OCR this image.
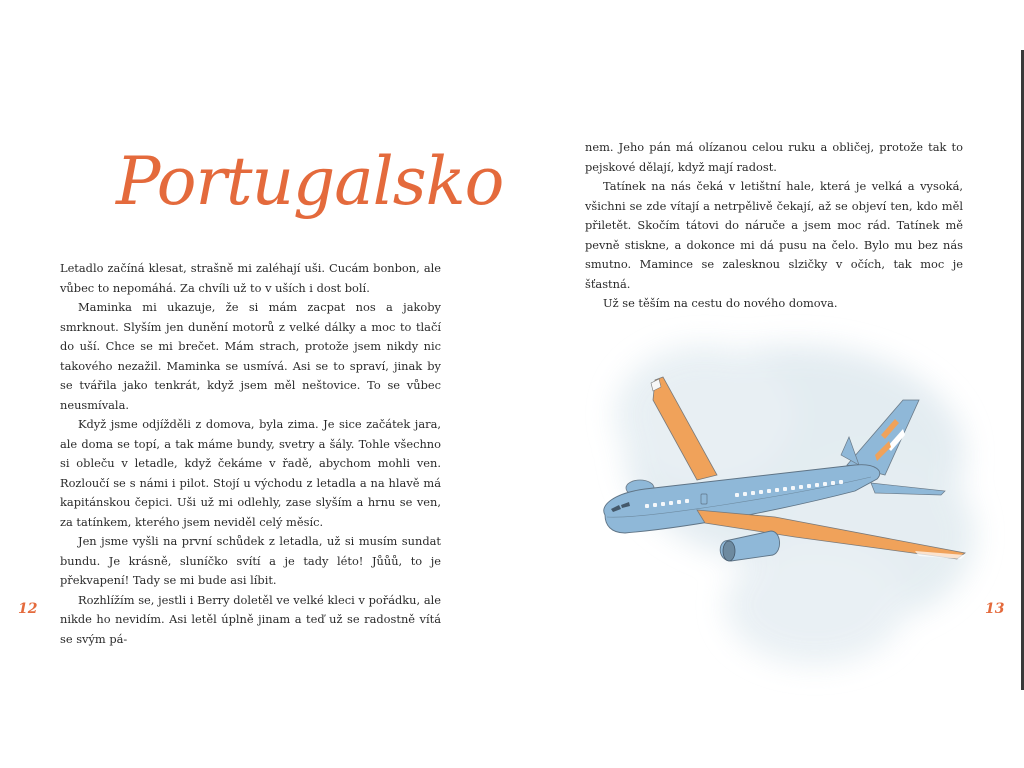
Portugalsko

Letadlo začíná klesat, strašně mi zaléhají uši. Cucám bonbon, ale vůbec to nepomáhá. Za chvíli už to v uších i dost bolí.

Maminka mi ukazuje, že si mám zacpat nos a jakoby smrknout. Slyším jen dunění motorů z velké dálky a moc to tlačí do uší. Chce se mi brečet. Mám strach, protože jsem nikdy nic takového nezažil. Maminka se usmívá. Asi se to spraví, jinak by se tvářila jako tenkrát, když jsem měl neštovice. To se vůbec neusmívala.

Když jsme odjížděli z domova, byla zima. Je sice začátek jara, ale doma se topí, a tak máme bundy, svetry a šály. Tohle všechno si obleču v letadle, když čekáme v řadě, abychom mohli ven. Rozloučí se s námi i pilot. Stojí u východu z letadla a na hlavě má kapitánskou čepici. Uši už mi odlehly, zase slyším a hrnu se ven, za tatínkem, kterého jsem neviděl celý měsíc.

Jen jsme vyšli na první schůdek z letadla, už si musím sundat bundu. Je krásně, sluníčko svítí a je tady léto! Jůůů, to je překvapení! Tady se mi bude asi líbit.

Rozhlížím se, jestli i Berry doletěl ve velké kleci v pořádku, ale nikde ho nevidím. Asi letěl úplně jinam a teď už se radostně vítá se svým pá-

12

nem. Jeho pán má olízanou celou ruku a obličej, protože tak to pejskové dělají, když mají radost.

Tatínek na nás čeká v letištní hale, která je velká a vysoká, všichni se zde vítají a netrpělivě čekají, až se objeví ten, kdo měl přiletět. Skočím tátovi do náruče a jsem moc rád. Tatínek mě pevně stiskne, a dokonce mi dá pusu na čelo. Bylo mu bez nás smutno. Mamince se zalesknou slzičky v očích, tak moc je šťastná.

Už se těším na cestu do nového domova.

13
